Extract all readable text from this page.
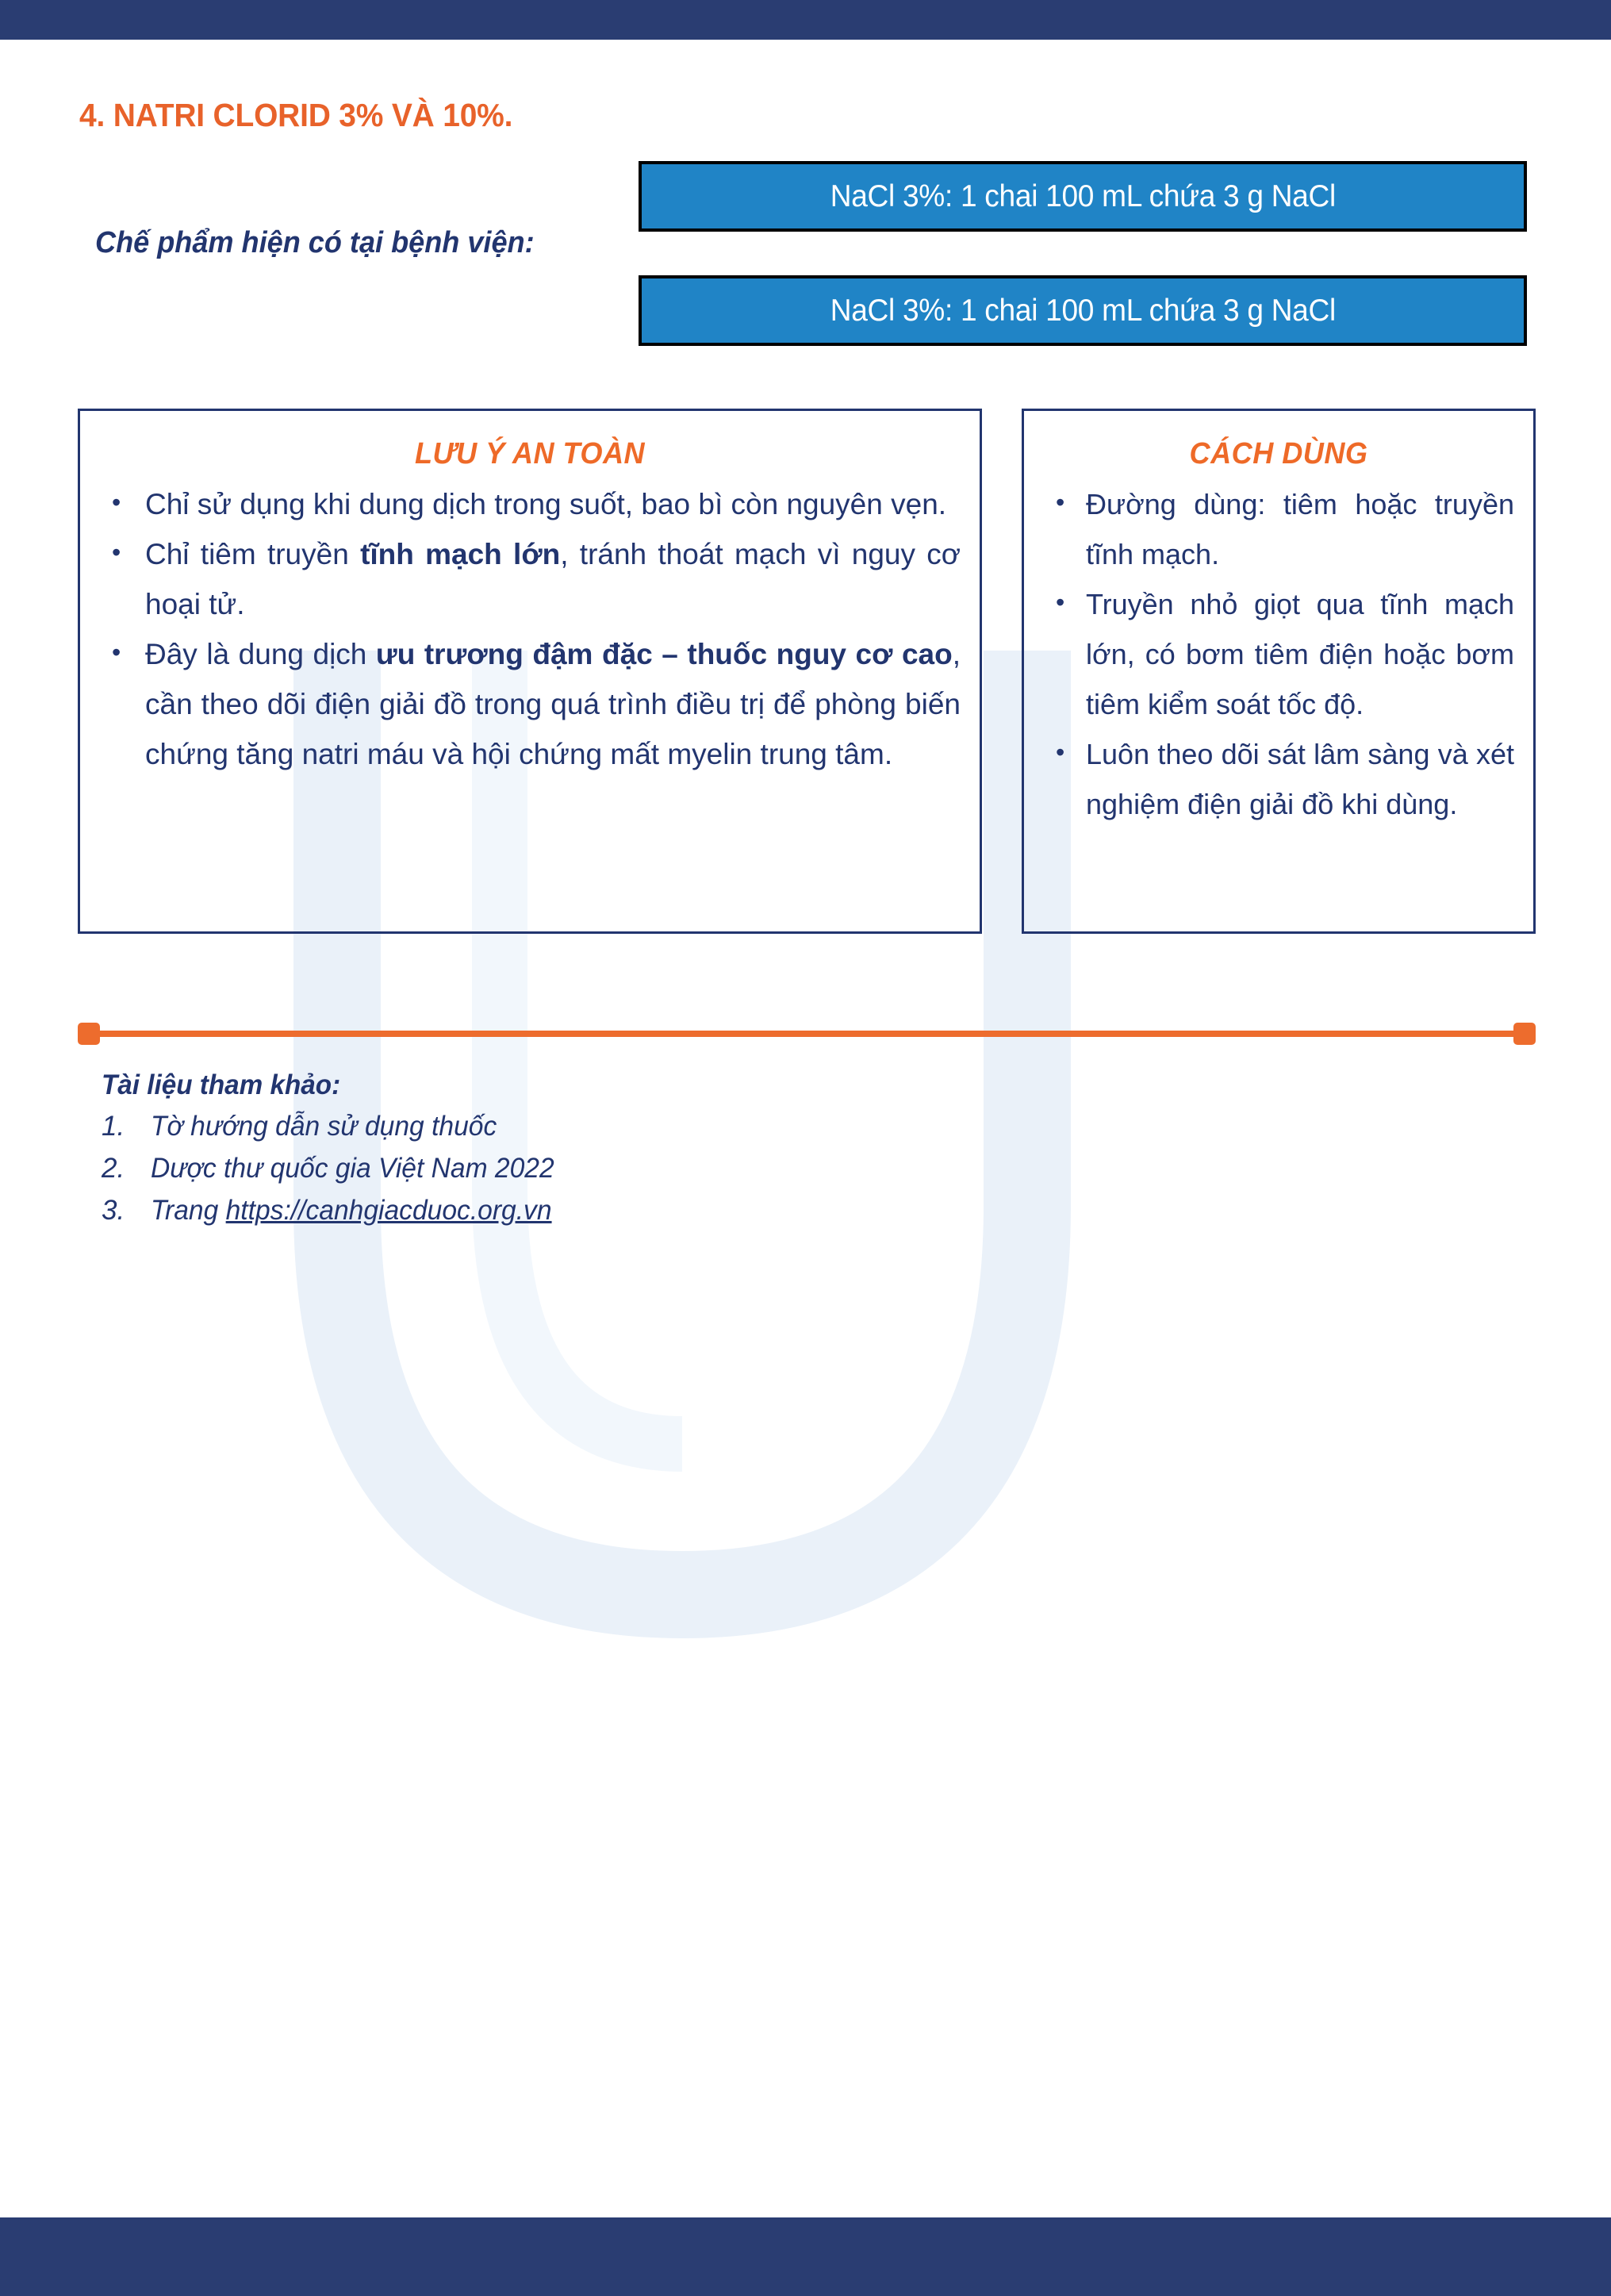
4. NATRI CLORID 3% VÀ 10%.
Chế phẩm hiện có tại bệnh viện:
NaCl 3%: 1 chai 100 mL chứa 3 g NaCl
NaCl 3%: 1 chai 100 mL chứa 3 g NaCl
LƯU Ý AN TOÀN
• Chỉ sử dụng khi dung dịch trong suốt, bao bì còn nguyên vẹn.
• Chỉ tiêm truyền tĩnh mạch lớn, tránh thoát mạch vì nguy cơ hoại tử.
• Đây là dung dịch ưu trương đậm đặc – thuốc nguy cơ cao, cần theo dõi điện giải đồ trong quá trình điều trị để phòng biến chứng tăng natri máu và hội chứng mất myelin trung tâm.
CÁCH DÙNG
• Đường dùng: tiêm hoặc truyền tĩnh mạch.
• Truyền nhỏ giọt qua tĩnh mạch lớn, có bơm tiêm điện hoặc bơm tiêm kiểm soát tốc độ.
• Luôn theo dõi sát lâm sàng và xét nghiệm điện giải đồ khi dùng.
Tài liệu tham khảo:
1. Tờ hướng dẫn sử dụng thuốc
2. Dược thư quốc gia Việt Nam 2022
3. Trang https://canhgiacduoc.org.vn
